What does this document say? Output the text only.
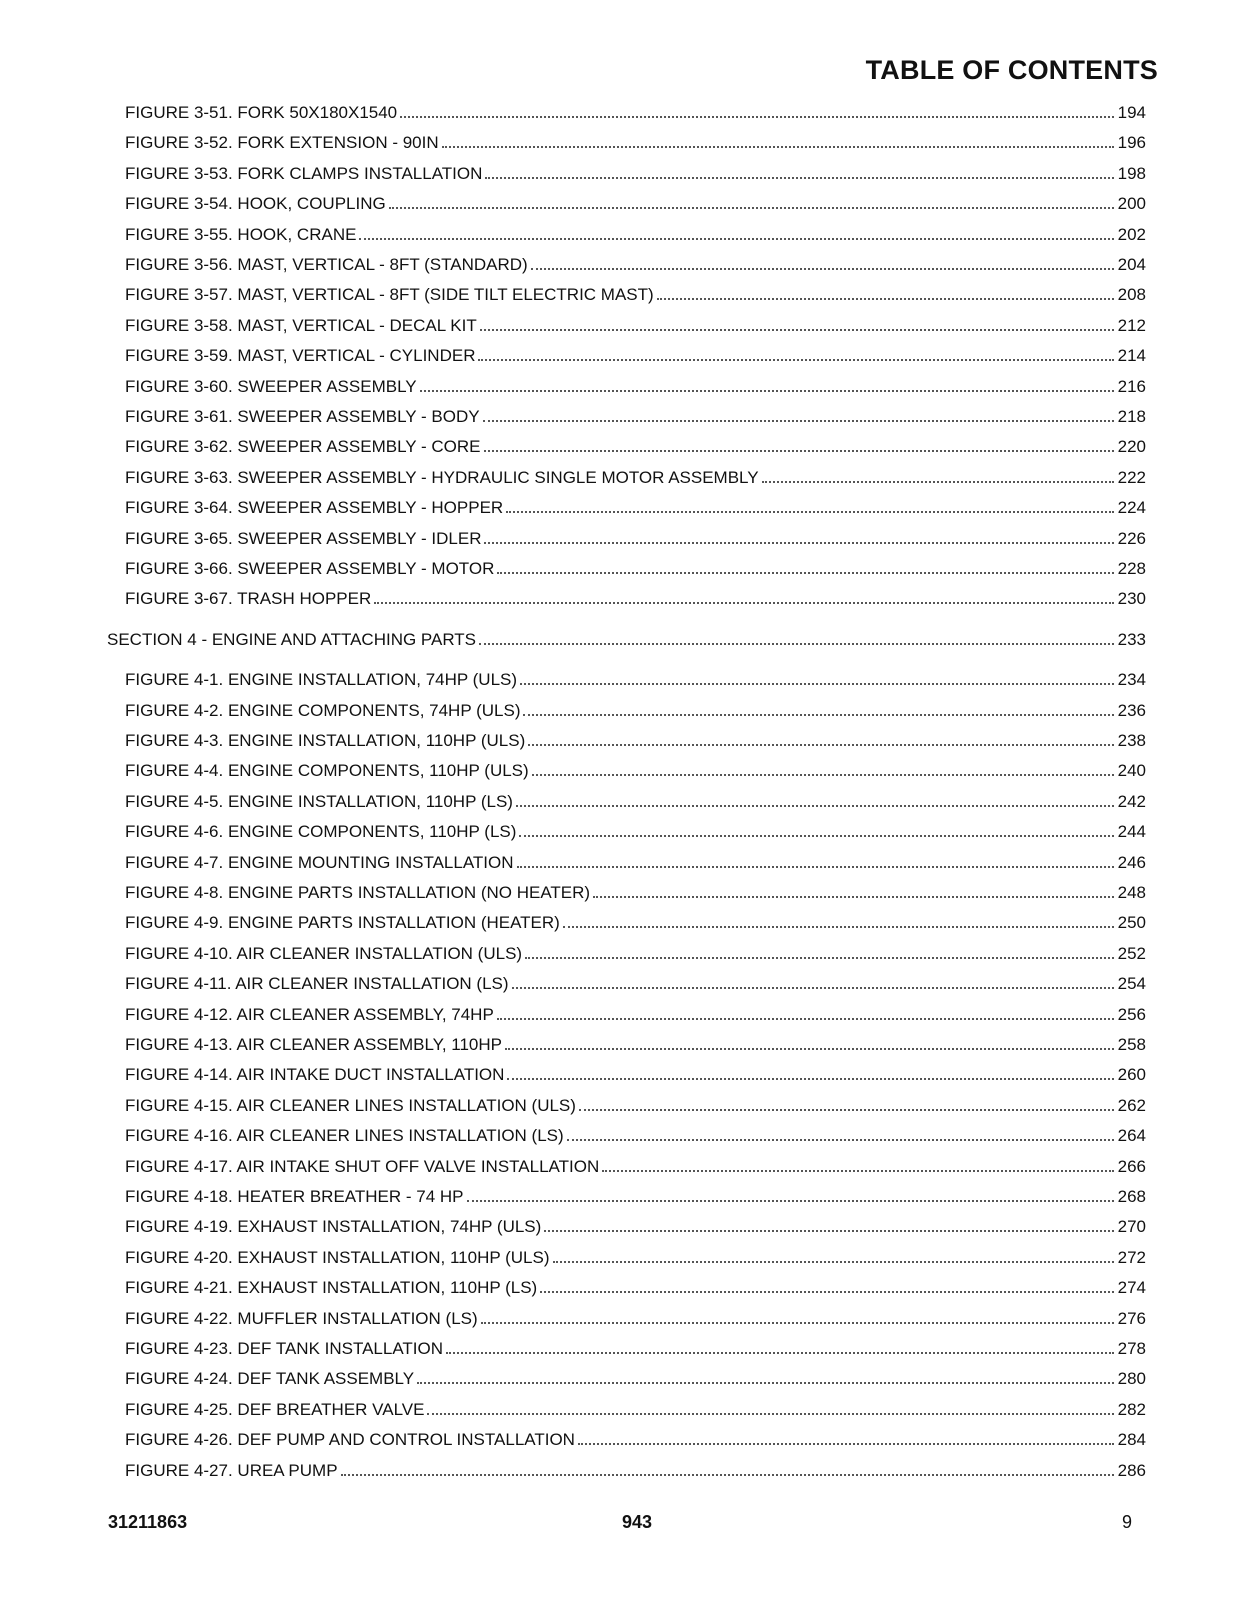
TABLE OF CONTENTS
FIGURE 3-51. FORK 50X180X1540	194
FIGURE 3-52. FORK EXTENSION - 90IN	196
FIGURE 3-53. FORK CLAMPS INSTALLATION	198
FIGURE 3-54. HOOK, COUPLING	200
FIGURE 3-55. HOOK, CRANE	202
FIGURE 3-56. MAST, VERTICAL - 8FT (STANDARD)	204
FIGURE 3-57. MAST, VERTICAL - 8FT (SIDE TILT ELECTRIC MAST)	208
FIGURE 3-58. MAST, VERTICAL - DECAL KIT	212
FIGURE 3-59. MAST, VERTICAL - CYLINDER	214
FIGURE 3-60. SWEEPER ASSEMBLY	216
FIGURE 3-61. SWEEPER ASSEMBLY - BODY	218
FIGURE 3-62. SWEEPER ASSEMBLY - CORE	220
FIGURE 3-63. SWEEPER ASSEMBLY - HYDRAULIC SINGLE MOTOR ASSEMBLY	222
FIGURE 3-64. SWEEPER ASSEMBLY - HOPPER	224
FIGURE 3-65. SWEEPER ASSEMBLY - IDLER	226
FIGURE 3-66. SWEEPER ASSEMBLY - MOTOR	228
FIGURE 3-67. TRASH HOPPER	230
SECTION 4 - ENGINE AND ATTACHING PARTS	233
FIGURE 4-1. ENGINE INSTALLATION, 74HP (ULS)	234
FIGURE 4-2. ENGINE COMPONENTS, 74HP (ULS)	236
FIGURE 4-3. ENGINE INSTALLATION, 110HP (ULS)	238
FIGURE 4-4. ENGINE COMPONENTS, 110HP (ULS)	240
FIGURE 4-5. ENGINE INSTALLATION, 110HP (LS)	242
FIGURE 4-6. ENGINE COMPONENTS, 110HP (LS)	244
FIGURE 4-7. ENGINE MOUNTING INSTALLATION	246
FIGURE 4-8. ENGINE PARTS INSTALLATION (NO HEATER)	248
FIGURE 4-9. ENGINE PARTS INSTALLATION (HEATER)	250
FIGURE 4-10. AIR CLEANER INSTALLATION (ULS)	252
FIGURE 4-11. AIR CLEANER INSTALLATION (LS)	254
FIGURE 4-12. AIR CLEANER ASSEMBLY, 74HP	256
FIGURE 4-13. AIR CLEANER ASSEMBLY, 110HP	258
FIGURE 4-14. AIR INTAKE DUCT INSTALLATION	260
FIGURE 4-15. AIR CLEANER LINES INSTALLATION (ULS)	262
FIGURE 4-16. AIR CLEANER LINES INSTALLATION (LS)	264
FIGURE 4-17. AIR INTAKE SHUT OFF VALVE INSTALLATION	266
FIGURE 4-18. HEATER BREATHER - 74 HP	268
FIGURE 4-19. EXHAUST INSTALLATION, 74HP (ULS)	270
FIGURE 4-20. EXHAUST INSTALLATION, 110HP (ULS)	272
FIGURE 4-21. EXHAUST INSTALLATION, 110HP (LS)	274
FIGURE 4-22. MUFFLER INSTALLATION (LS)	276
FIGURE 4-23. DEF TANK INSTALLATION	278
FIGURE 4-24. DEF TANK ASSEMBLY	280
FIGURE 4-25. DEF BREATHER VALVE	282
FIGURE 4-26. DEF PUMP AND CONTROL INSTALLATION	284
FIGURE 4-27. UREA PUMP	286
31211863	943	9
